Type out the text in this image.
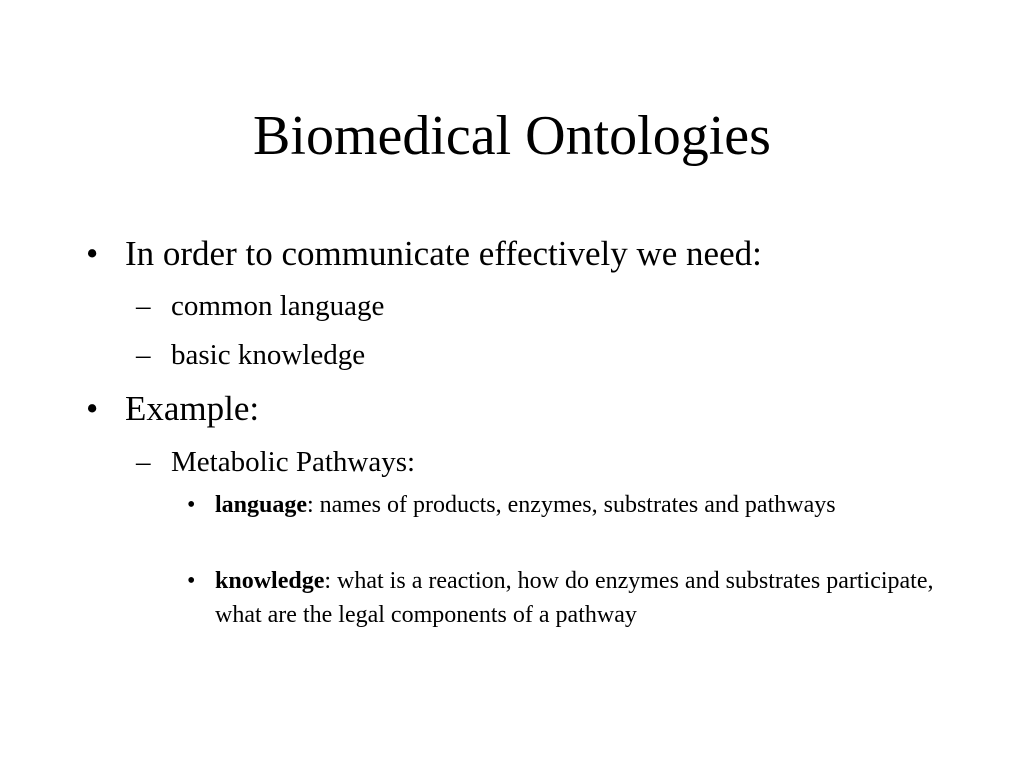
Biomedical Ontologies
• In order to communicate effectively we need:
– common language
– basic knowledge
• Example:
– Metabolic Pathways:
• language: names of products, enzymes, substrates and pathways
• knowledge: what is a reaction, how do enzymes and substrates participate, what are the legal components of a pathway
